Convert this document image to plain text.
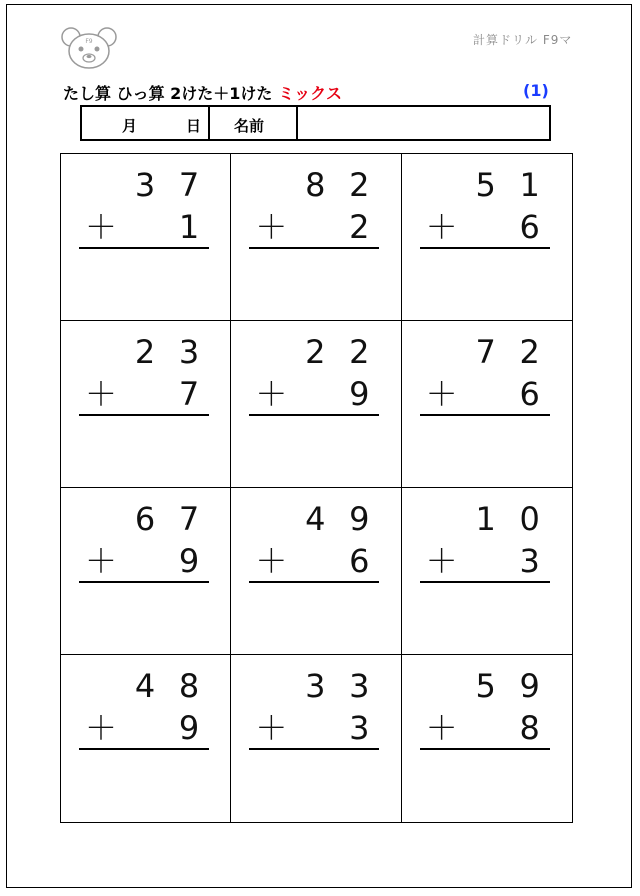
F9	計算ドリル F9マ
たし算 ひっ算 2けた＋1けた ミックス	(1)
月	日	名前
3 7
＋ 1
8 2
＋ 2
5 1
＋ 6
2 3
＋ 7
2 2
＋ 9
7 2
＋ 6
6 7
＋ 9
4 9
＋ 6
1 0
＋ 3
4 8
＋ 9
3 3
＋ 3
5 9
＋ 8
